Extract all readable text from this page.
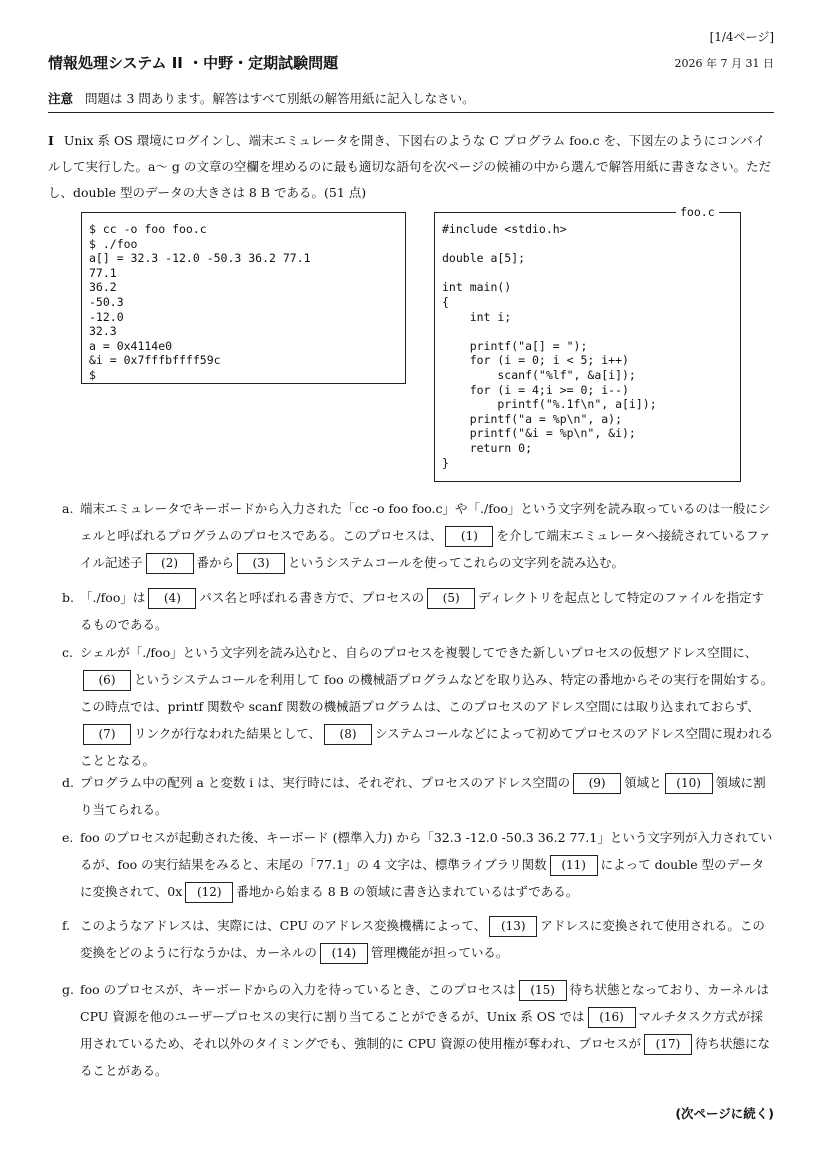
[1/4ページ]
情報処理システム II ・中野・定期試験問題	2026 年 7 月 31 日
注意 問題は 3 問あります。解答はすべて別紙の解答用紙に記入しなさい。
I Unix 系 OS 環境にログインし、端末エミュレータを開き、下図右のような C プログラム foo.c を、下図左のようにコンパイルして実行した。a～ g の文章の空欄を埋めるのに最も適切な語句を次ページの候補の中から選んで解答用紙に書きなさい。ただし、double 型のデータの大きさは 8 B である。(51 点)
$ cc -o foo foo.c
$ ./foo
a[] = 32.3 -12.0 -50.3 36.2 77.1
77.1
36.2
-50.3
-12.0
32.3
a = 0x4114e0
&i = 0x7fffbffff59c
$
#include <stdio.h>

double a[5];

int main()
{
int i;

printf("a[] = ");
for (i = 0; i < 5; i++)
scanf("%lf", &a[i]);
for (i = 4;i >= 0; i--)
printf("%.1f\n", a[i]);
printf("a = %p\n", a);
printf("&i = %p\n", &i);
return 0;
}
foo.c
a. 端末エミュレータでキーボードから入力された「cc -o foo foo.c」や「./foo」という文字列を読み取っているのは一般にシェルと呼ばれるプログラムのプロセスである。このプロセスは、 (1) を介して端末エミュレータへ接続されているファイル記述子 (2) 番から (3) というシステムコールを使ってこれらの文字列を読み込む。
b. 「./foo」は (4) パス名と呼ばれる書き方で、プロセスの (5) ディレクトリを起点として特定のファイルを指定するものである。
c. シェルが「./foo」という文字列を読み込むと、自らのプロセスを複製してできた新しいプロセスの仮想アドレス空間に、(6) というシステムコールを利用して foo の機械語プログラムなどを取り込み、特定の番地からその実行を開始する。この時点では、printf 関数や scanf 関数の機械語プログラムは、このプロセスのアドレス空間には取り込まれておらず、(7) リンクが行なわれた結果として、 (8) システムコールなどによって初めてプロセスのアドレス空間に現われることとなる。
d. プログラム中の配列 a と変数 i は、実行時には、それぞれ、プロセスのアドレス空間の (9) 領域と (10) 領域に割り当てられる。
e. foo のプロセスが起動された後、キーボード (標準入力) から「32.3 -12.0 -50.3 36.2 77.1」という文字列が入力されているが、foo の実行結果をみると、末尾の「77.1」の 4 文字は、標準ライブラリ関数 (11) によって double 型のデータに変換されて、0x (12) 番地から始まる 8 B の領域に書き込まれているはずである。
f. このようなアドレスは、実際には、CPU のアドレス変換機構によって、 (13) アドレスに変換されて使用される。この変換をどのように行なうかは、カーネルの (14) 管理機能が担っている。
g. foo のプロセスが、キーボードからの入力を待っているとき、このプロセスは (15) 待ち状態となっており、カーネルは CPU 資源を他のユーザープロセスの実行に割り当てることができるが、Unix 系 OS では (16) マルチタスク方式が採用されているため、それ以外のタイミングでも、強制的に CPU 資源の使用権が奪われ、プロセスが (17) 待ち状態になることがある。
(次ページに続く)
